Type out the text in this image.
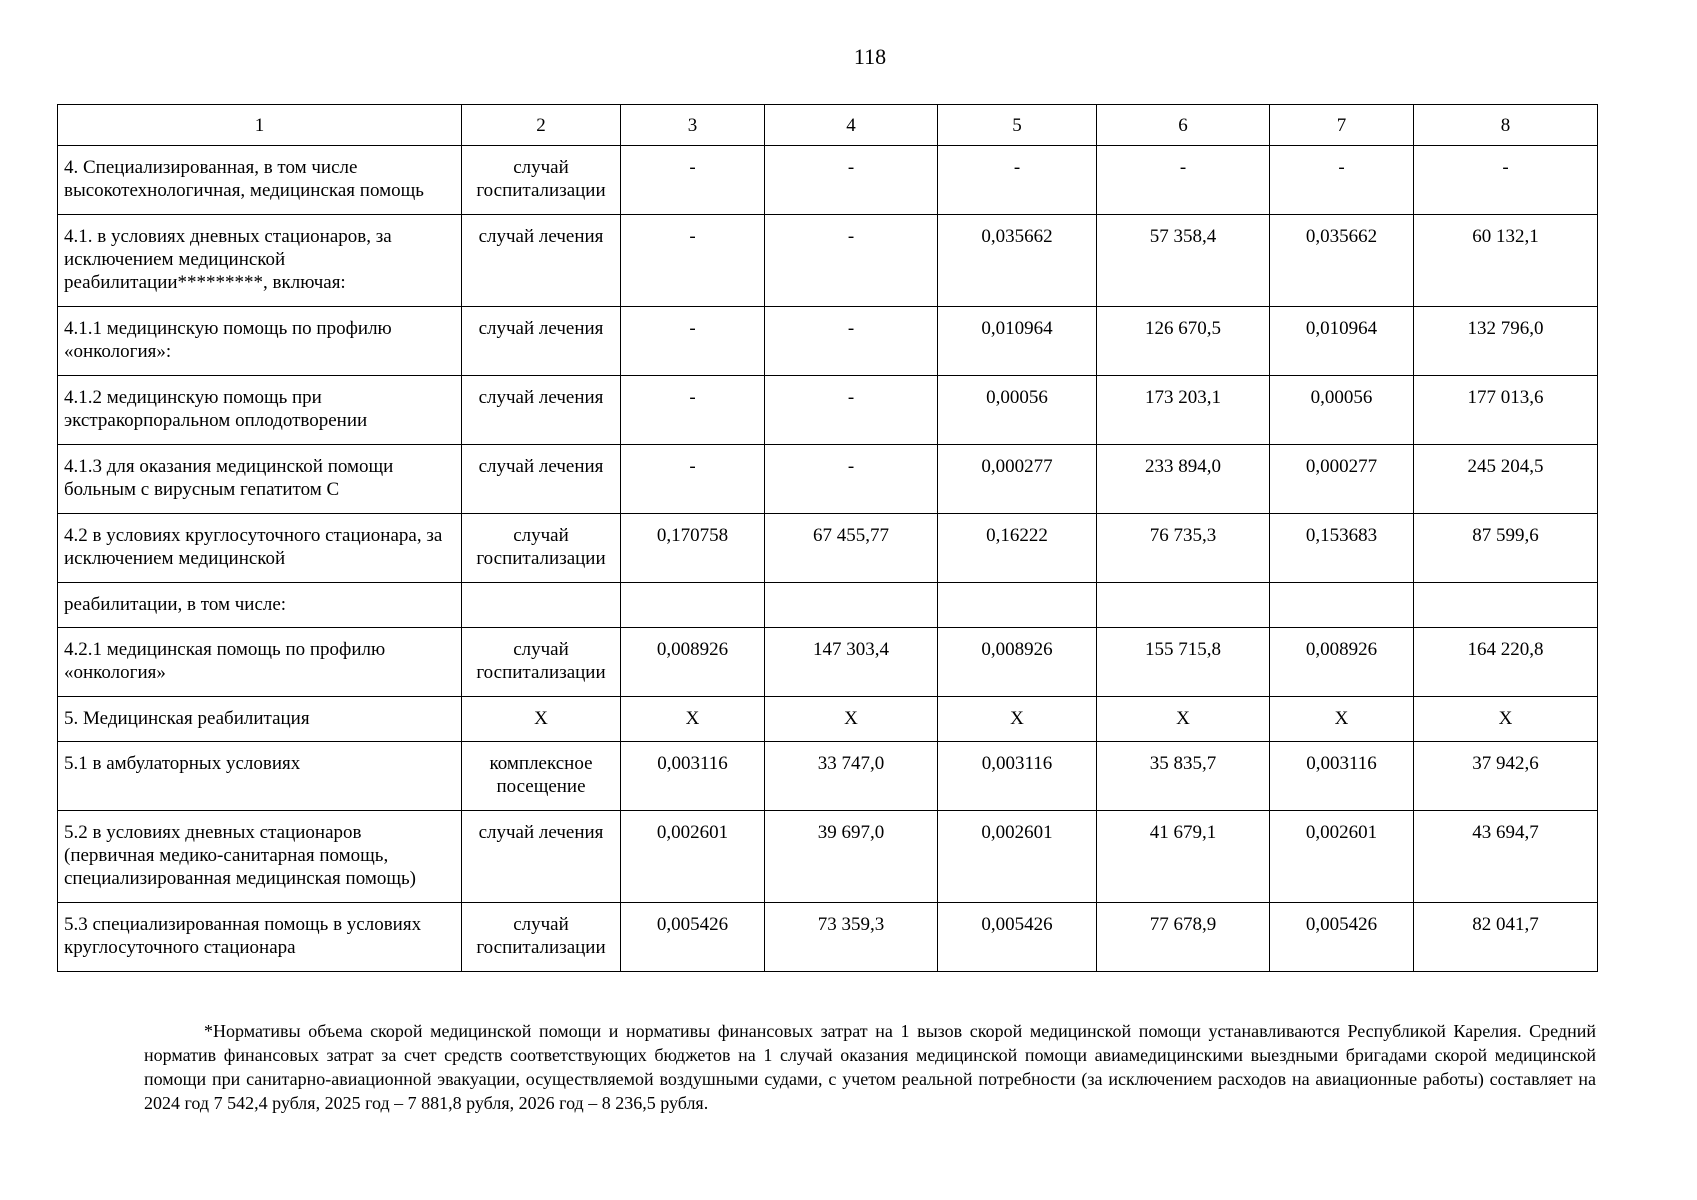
118
1	2	3	4	5	6	7	8
4. Специализированная, в том числе высокотехнологичная, медицинская помощь	случай госпитализации	-	-	-	-	-	-
4.1. в условиях дневных стационаров, за исключением медицинской реабилитации*********, включая:	случай лечения	-	-	0,035662	57 358,4	0,035662	60 132,1
4.1.1 медицинскую помощь по профилю «онкология»:	случай лечения	-	-	0,010964	126 670,5	0,010964	132 796,0
4.1.2 медицинскую помощь при экстракорпоральном оплодотворении	случай лечения	-	-	0,00056	173 203,1	0,00056	177 013,6
4.1.3 для оказания медицинской помощи больным с вирусным гепатитом С	случай лечения	-	-	0,000277	233 894,0	0,000277	245 204,5
4.2 в условиях круглосуточного стационара, за исключением медицинской	случай госпитализации	0,170758	67 455,77	0,16222	76 735,3	0,153683	87 599,6
реабилитации, в том числе:							
4.2.1 медицинская помощь по профилю «онкология»	случай госпитализации	0,008926	147 303,4	0,008926	155 715,8	0,008926	164 220,8
5. Медицинская реабилитация	Х	Х	Х	Х	Х	Х	Х
5.1 в амбулаторных условиях	комплексное посещение	0,003116	33 747,0	0,003116	35 835,7	0,003116	37 942,6
5.2 в условиях дневных стационаров (первичная медико-санитарная помощь, специализированная медицинская помощь)	случай лечения	0,002601	39 697,0	0,002601	41 679,1	0,002601	43 694,7
5.3 специализированная помощь в условиях круглосуточного стационара	случай госпитализации	0,005426	73 359,3	0,005426	77 678,9	0,005426	82 041,7

*Нормативы объема скорой медицинской помощи и нормативы финансовых затрат на 1 вызов скорой медицинской помощи устанавливаются Республикой Карелия. Средний норматив финансовых затрат за счет средств соответствующих бюджетов на 1 случай оказания медицинской помощи авиамедицинскими выездными бригадами скорой медицинской помощи при санитарно-авиационной эвакуации, осуществляемой воздушными судами, с учетом реальной потребности (за исключением расходов на авиационные работы) составляет на 2024 год 7 542,4 рубля, 2025 год – 7 881,8 рубля, 2026 год – 8 236,5 рубля.
